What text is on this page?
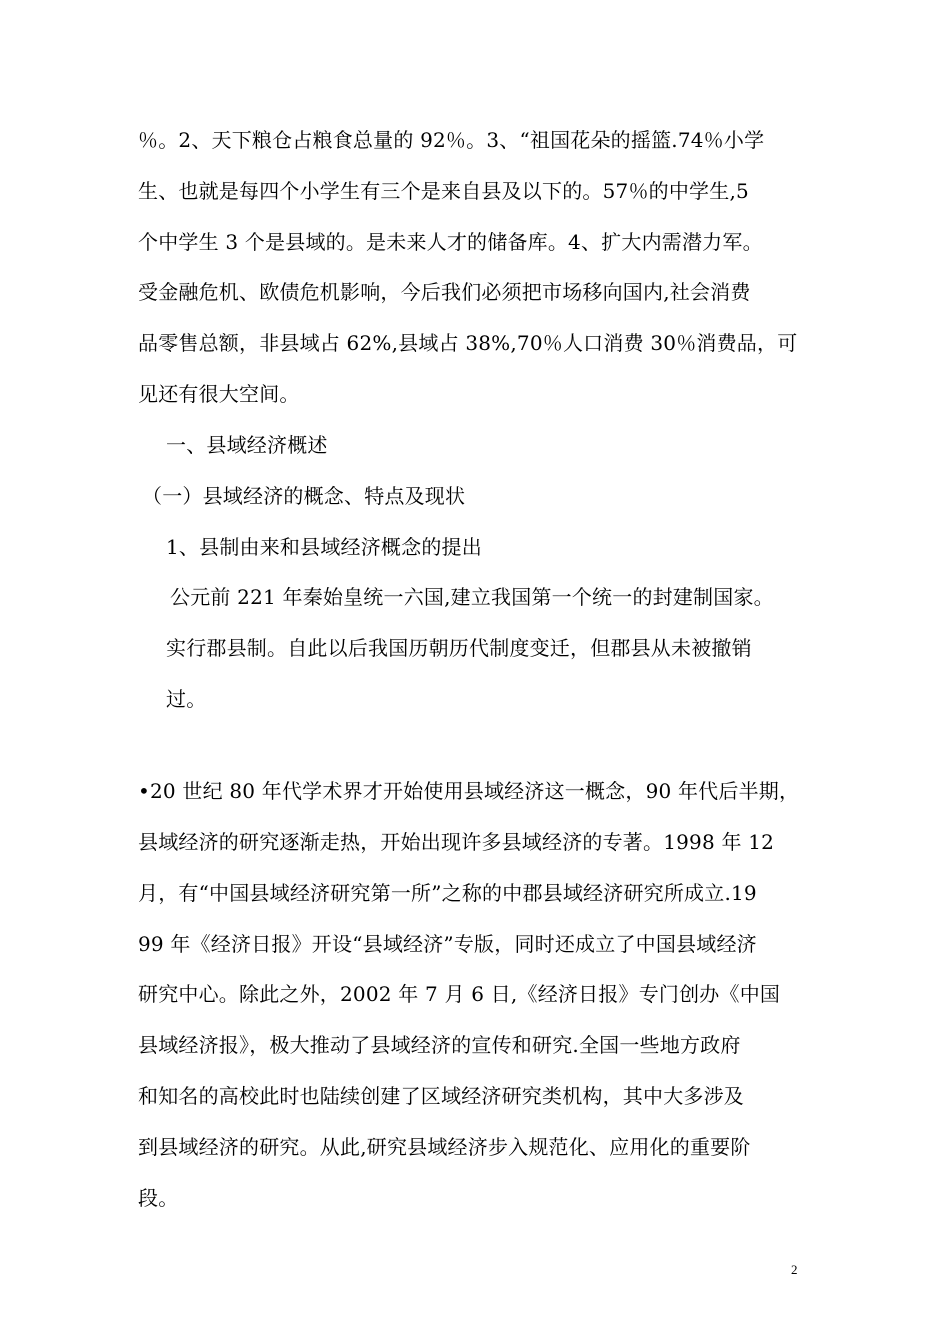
％。2、天下粮仓占粮食总量的 92％。3、“祖国花朵的摇篮.74％小学
生、也就是每四个小学生有三个是来自县及以下的。57％的中学生,5
个中学生 3 个是县域的。是未来人才的储备库。4、扩大内需潜力军。
受金融危机、欧债危机影响，今后我们必须把市场移向国内,社会消费
品零售总额，非县域占 62%,县域占 38%,70％人口消费 30％消费品，可
见还有很大空间。
一、县域经济概述
（一）县域经济的概念、特点及现状
1、县制由来和县域经济概念的提出
公元前 221 年秦始皇统一六国,建立我国第一个统一的封建制国家。
实行郡县制。自此以后我国历朝历代制度变迁，但郡县从未被撤销
过。
•20 世纪 80 年代学术界才开始使用县域经济这一概念，90 年代后半期，
县域经济的研究逐渐走热，开始出现许多县域经济的专著。1998 年 12
月，有“中国县域经济研究第一所”之称的中郡县域经济研究所成立.19
99 年《经济日报》开设“县域经济”专版，同时还成立了中国县域经济
研究中心。除此之外，2002 年 7 月 6 日,《经济日报》专门创办《中国
县域经济报》，极大推动了县域经济的宣传和研究.全国一些地方政府
和知名的高校此时也陆续创建了区域经济研究类机构，其中大多涉及
到县域经济的研究。从此,研究县域经济步入规范化、应用化的重要阶
段。
2
